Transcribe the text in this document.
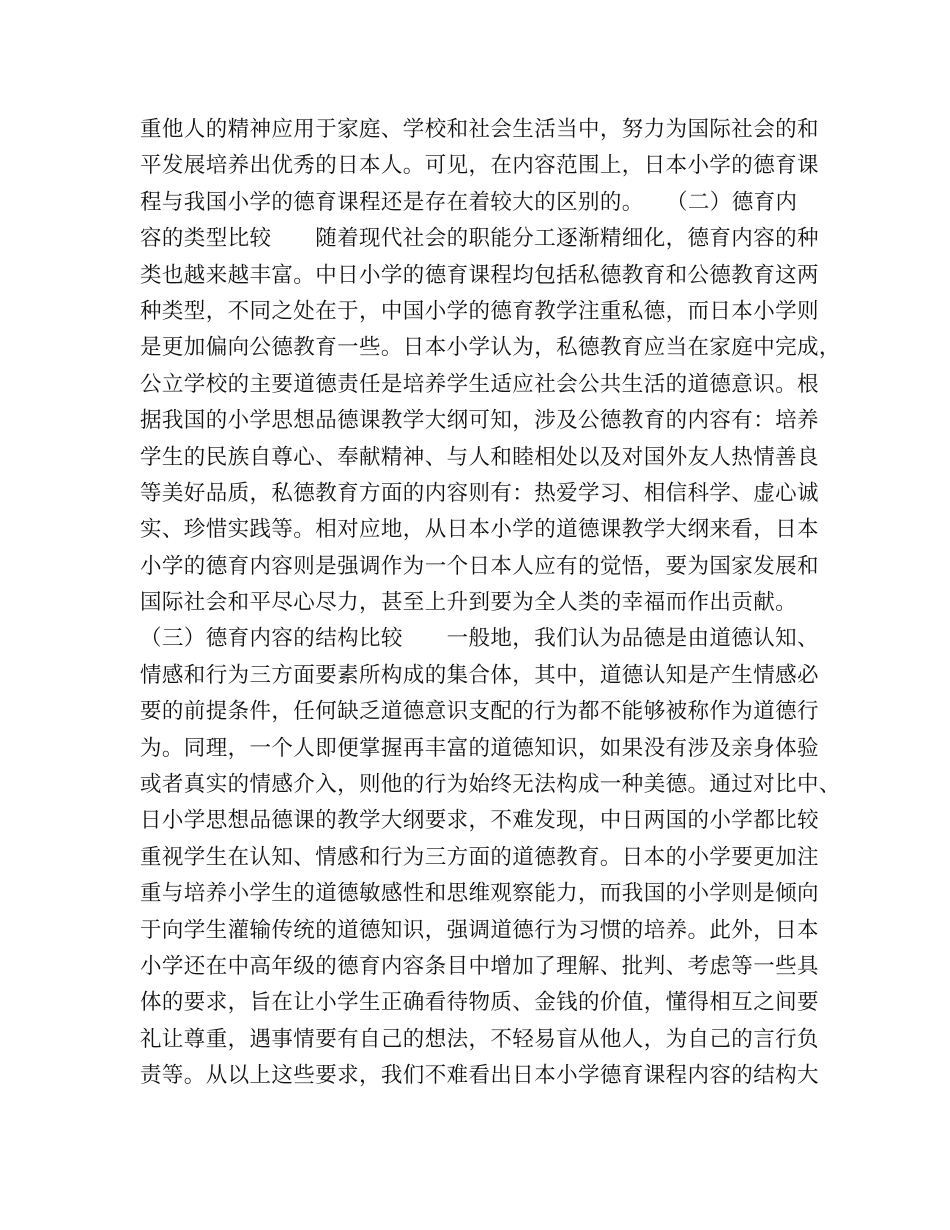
重他人的精神应用于家庭、学校和社会生活当中，努力为国际社会的和
平发展培养出优秀的日本人。可见，在内容范围上，日本小学的德育课
程与我国小学的德育课程还是存在着较大的区别的。　　（二）德育内
容的类型比较　　随着现代社会的职能分工逐渐精细化，德育内容的种
类也越来越丰富。中日小学的德育课程均包括私德教育和公德教育这两
种类型，不同之处在于，中国小学的德育教学注重私德，而日本小学则
是更加偏向公德教育一些。日本小学认为，私德教育应当在家庭中完成，
公立学校的主要道德责任是培养学生适应社会公共生活的道德意识。根
据我国的小学思想品德课教学大纲可知，涉及公德教育的内容有：培养
学生的民族自尊心、奉献精神、与人和睦相处以及对国外友人热情善良
等美好品质，私德教育方面的内容则有：热爱学习、相信科学、虚心诚
实、珍惜实践等。相对应地，从日本小学的道德课教学大纲来看，日本
小学的德育内容则是强调作为一个日本人应有的觉悟，要为国家发展和
国际社会和平尽心尽力，甚至上升到要为全人类的幸福而作出贡献。
（三）德育内容的结构比较　　一般地，我们认为品德是由道德认知、
情感和行为三方面要素所构成的集合体，其中，道德认知是产生情感必
要的前提条件，任何缺乏道德意识支配的行为都不能够被称作为道德行
为。同理，一个人即便掌握再丰富的道德知识，如果没有涉及亲身体验
或者真实的情感介入，则他的行为始终无法构成一种美德。通过对比中、
日小学思想品德课的教学大纲要求，不难发现，中日两国的小学都比较
重视学生在认知、情感和行为三方面的道德教育。日本的小学要更加注
重与培养小学生的道德敏感性和思维观察能力，而我国的小学则是倾向
于向学生灌输传统的道德知识，强调道德行为习惯的培养。此外，日本
小学还在中高年级的德育内容条目中增加了理解、批判、考虑等一些具
体的要求，旨在让小学生正确看待物质、金钱的价值，懂得相互之间要
礼让尊重，遇事情要有自己的想法，不轻易盲从他人，为自己的言行负
责等。从以上这些要求，我们不难看出日本小学德育课程内容的结构大
